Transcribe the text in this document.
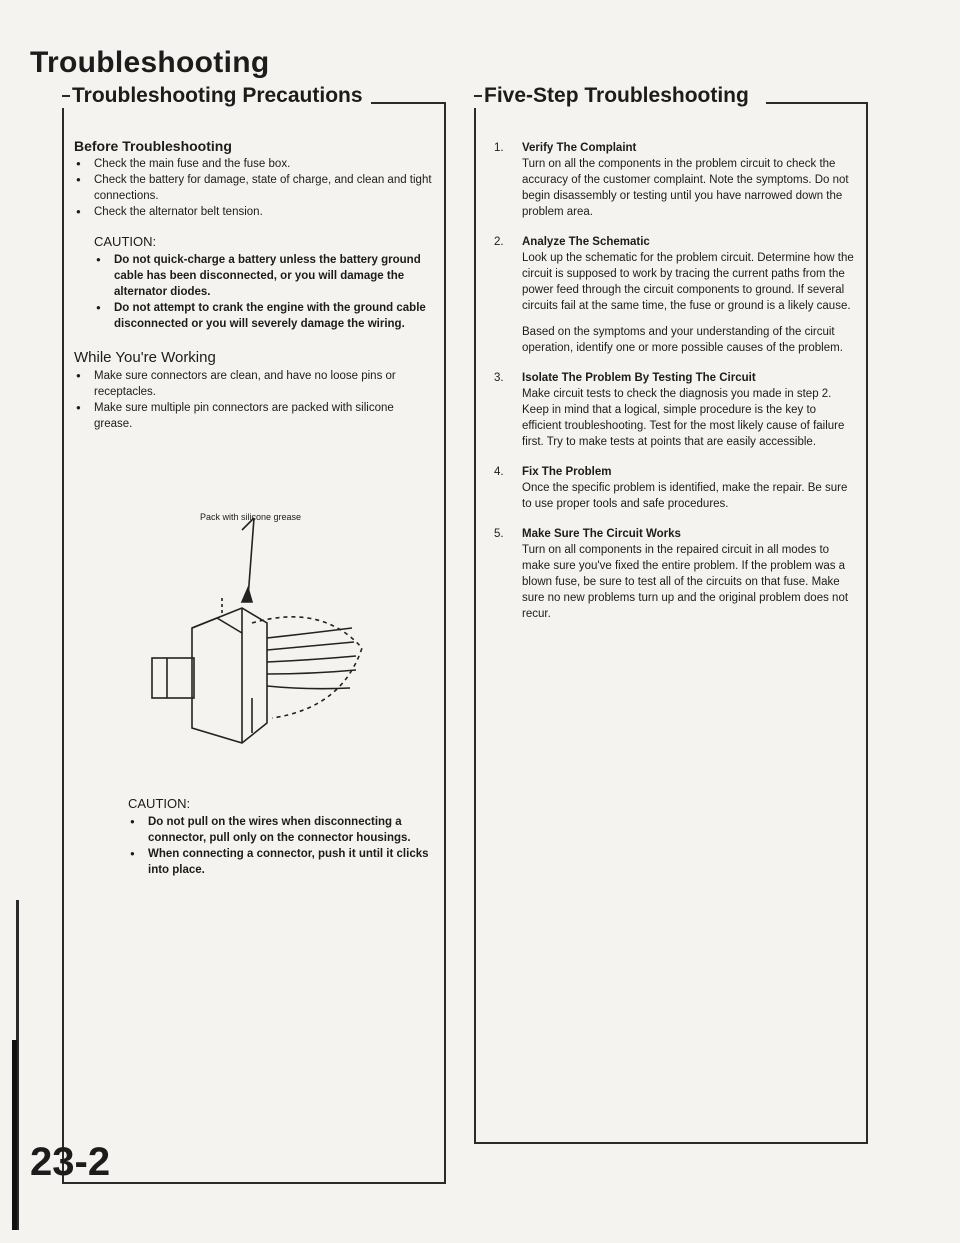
Troubleshooting
Troubleshooting Precautions
Before Troubleshooting
● Check the main fuse and the fuse box.
● Check the battery for damage, state of charge, and clean and tight connections.
● Check the alternator belt tension.
CAUTION:
● Do not quick-charge a battery unless the battery ground cable has been disconnected, or you will damage the alternator diodes.
● Do not attempt to crank the engine with the ground cable disconnected or you will severely damage the wiring.
While You're Working
● Make sure connectors are clean, and have no loose pins or receptacles.
● Make sure multiple pin connectors are packed with silicone grease.
CAUTION:
● Do not pull on the wires when disconnecting a connector, pull only on the connector housings.
● When connecting a connector, push it until it clicks into place.
Pack with silicone grease
Five-Step Troubleshooting
1. Verify The Complaint
Turn on all the components in the problem circuit to check the accuracy of the customer complaint. Note the symptoms. Do not begin disassembly or testing until you have narrowed down the problem area.
2. Analyze The Schematic
Look up the schematic for the problem circuit. Determine how the circuit is supposed to work by tracing the current paths from the power feed through the circuit components to ground. If several circuits fail at the same time, the fuse or ground is a likely cause.
Based on the symptoms and your understanding of the circuit operation, identify one or more possible causes of the problem.
3. Isolate The Problem By Testing The Circuit
Make circuit tests to check the diagnosis you made in step 2. Keep in mind that a logical, simple procedure is the key to efficient troubleshooting. Test for the most likely cause of failure first. Try to make tests at points that are easily accessible.
4. Fix The Problem
Once the specific problem is identified, make the repair. Be sure to use proper tools and safe procedures.
5. Make Sure The Circuit Works
Turn on all components in the repaired circuit in all modes to make sure you've fixed the entire problem. If the problem was a blown fuse, be sure to test all of the circuits on that fuse. Make sure no new problems turn up and the original problem does not recur.
23-2
